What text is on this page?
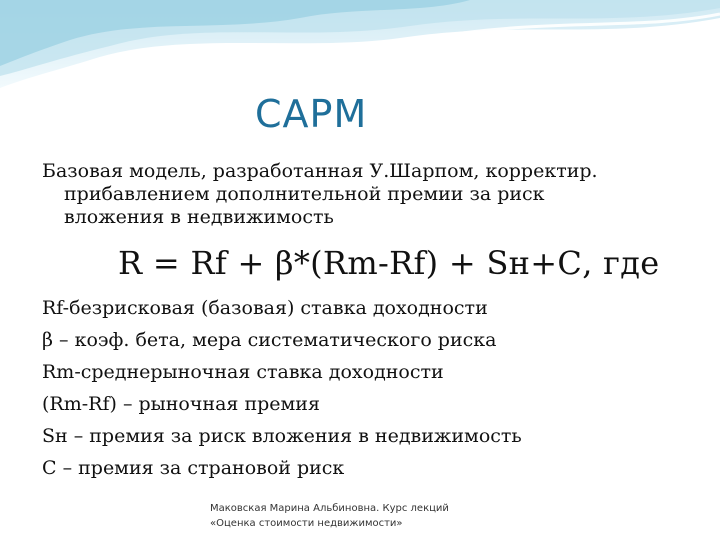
CAPM
Базовая модель, разработанная У.Шарпом, корректир.
прибавлением дополнительной премии за риск вложения в недвижимость
R = Rf + β*(Rm-Rf) + Sн+С, где
Rf-безрисковая (базовая) ставка доходности
β – коэф. бета, мера систематического риска
Rm-среднерыночная ставка доходности
(Rm-Rf) – рыночная премия
Sн – премия за риск вложения в недвижимость
С – премия за страновой риск
Маковская Марина Альбиновна. Курс лекций
«Оценка стоимости недвижимости»
